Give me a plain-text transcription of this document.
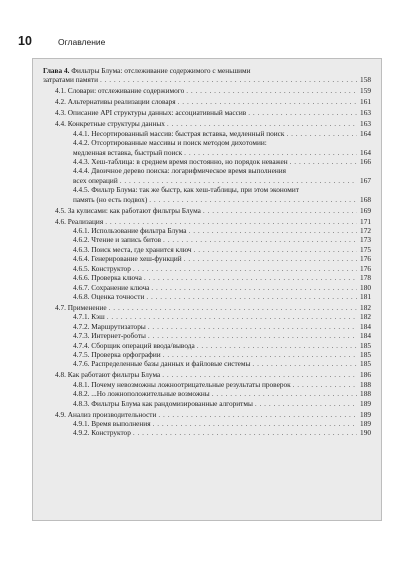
10	Оглавление
Глава 4. Фильтры Блума: отслеживание содержимого с меньшими
затратами памяти . . .	158
4.1. Словари: отслеживание содержимого . . .	159
4.2. Альтернативы реализации словаря . . .	161
4.3. Описание API структуры данных: ассоциативный массив . . .	163
4.4. Конкретные структуры данных . . .	163
4.4.1. Несортированный массив: быстрая вставка, медленный поиск . . .	164
4.4.2. Отсортированные массивы и поиск методом дихотомии:
медленная вставка, быстрый поиск . . .	164
4.4.3. Хеш-таблица: в среднем время постоянно, но порядок неважен . . .	166
4.4.4. Двоичное дерево поиска: логарифмическое время выполнения
всех операций . . .	167
4.4.5. Фильтр Блума: так же быстр, как хеш-таблицы, при этом экономит
память (но есть подвох) . . .	168
4.5. За кулисами: как работают фильтры Блума . . .	169
4.6. Реализация . . .	171
4.6.1. Использование фильтра Блума . . .	172
4.6.2. Чтение и запись битов . . .	173
4.6.3. Поиск места, где хранится ключ . . .	175
4.6.4. Генерирование хеш-функций . . .	176
4.6.5. Конструктор . . .	176
4.6.6. Проверка ключа . . .	178
4.6.7. Сохранение ключа . . .	180
4.6.8. Оценка точности . . .	181
4.7. Применение . . .	182
4.7.1. Кэш . . .	182
4.7.2. Маршрутизаторы . . .	184
4.7.3. Интернет-роботы . . .	184
4.7.4. Сборщик операций ввода/вывода . . .	185
4.7.5. Проверка орфографии . . .	185
4.7.6. Распределенные базы данных и файловые системы . . .	185
4.8. Как работают фильтры Блума . . .	186
4.8.1. Почему невозможны ложноотрицательные результаты проверок . . .	188
4.8.2. ...Но ложноположительные возможны . . .	188
4.8.3. Фильтры Блума как рандомизированные алгоритмы . . .	189
4.9. Анализ производительности . . .	189
4.9.1. Время выполнения . . .	189
4.9.2. Конструктор . . .	190
